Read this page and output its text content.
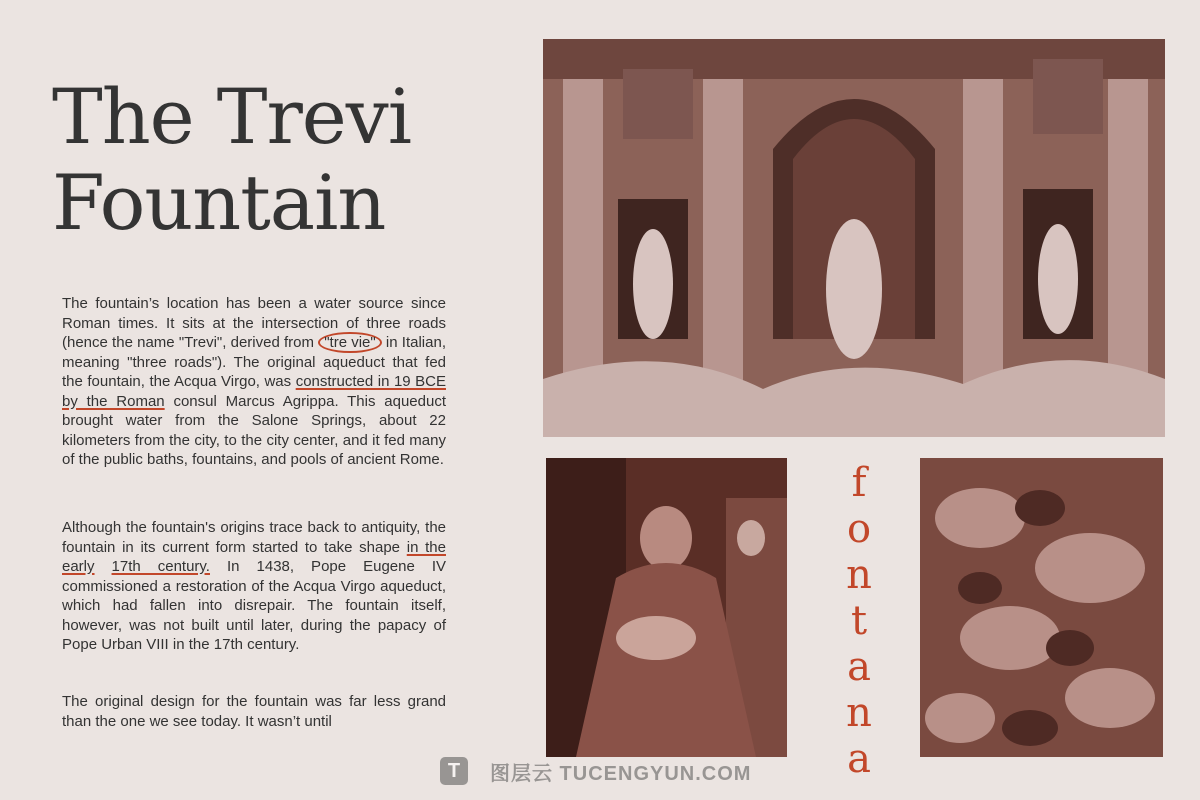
The Trevi
Fountain

The fountain’s location has been a water source since Roman times. It sits at the intersection of three roads (hence the name "Trevi", derived from "tre vie" in Italian, meaning "three roads"). The original aqueduct that fed the fountain, the Acqua Virgo, was constructed in 19 BCE by the Roman consul Marcus Agrippa. This aqueduct brought water from the Salone Springs, about 22 kilometers from the city, to the city center, and it fed many of the public baths, fountains, and pools of ancient Rome.

Although the fountain's origins trace back to antiquity, the fountain in its current form started to take shape in the early 17th century. In 1438, Pope Eugene IV commissioned a restoration of the Acqua Virgo aqueduct, which had fallen into disrepair. The fountain itself, however, was not built until later, during the papacy of Pope Urban VIII in the 17th century.

The original design for the fountain was far less grand than the one we see today. It wasn’t until	fontana
T	图层云 TUCENGYUN.COM
